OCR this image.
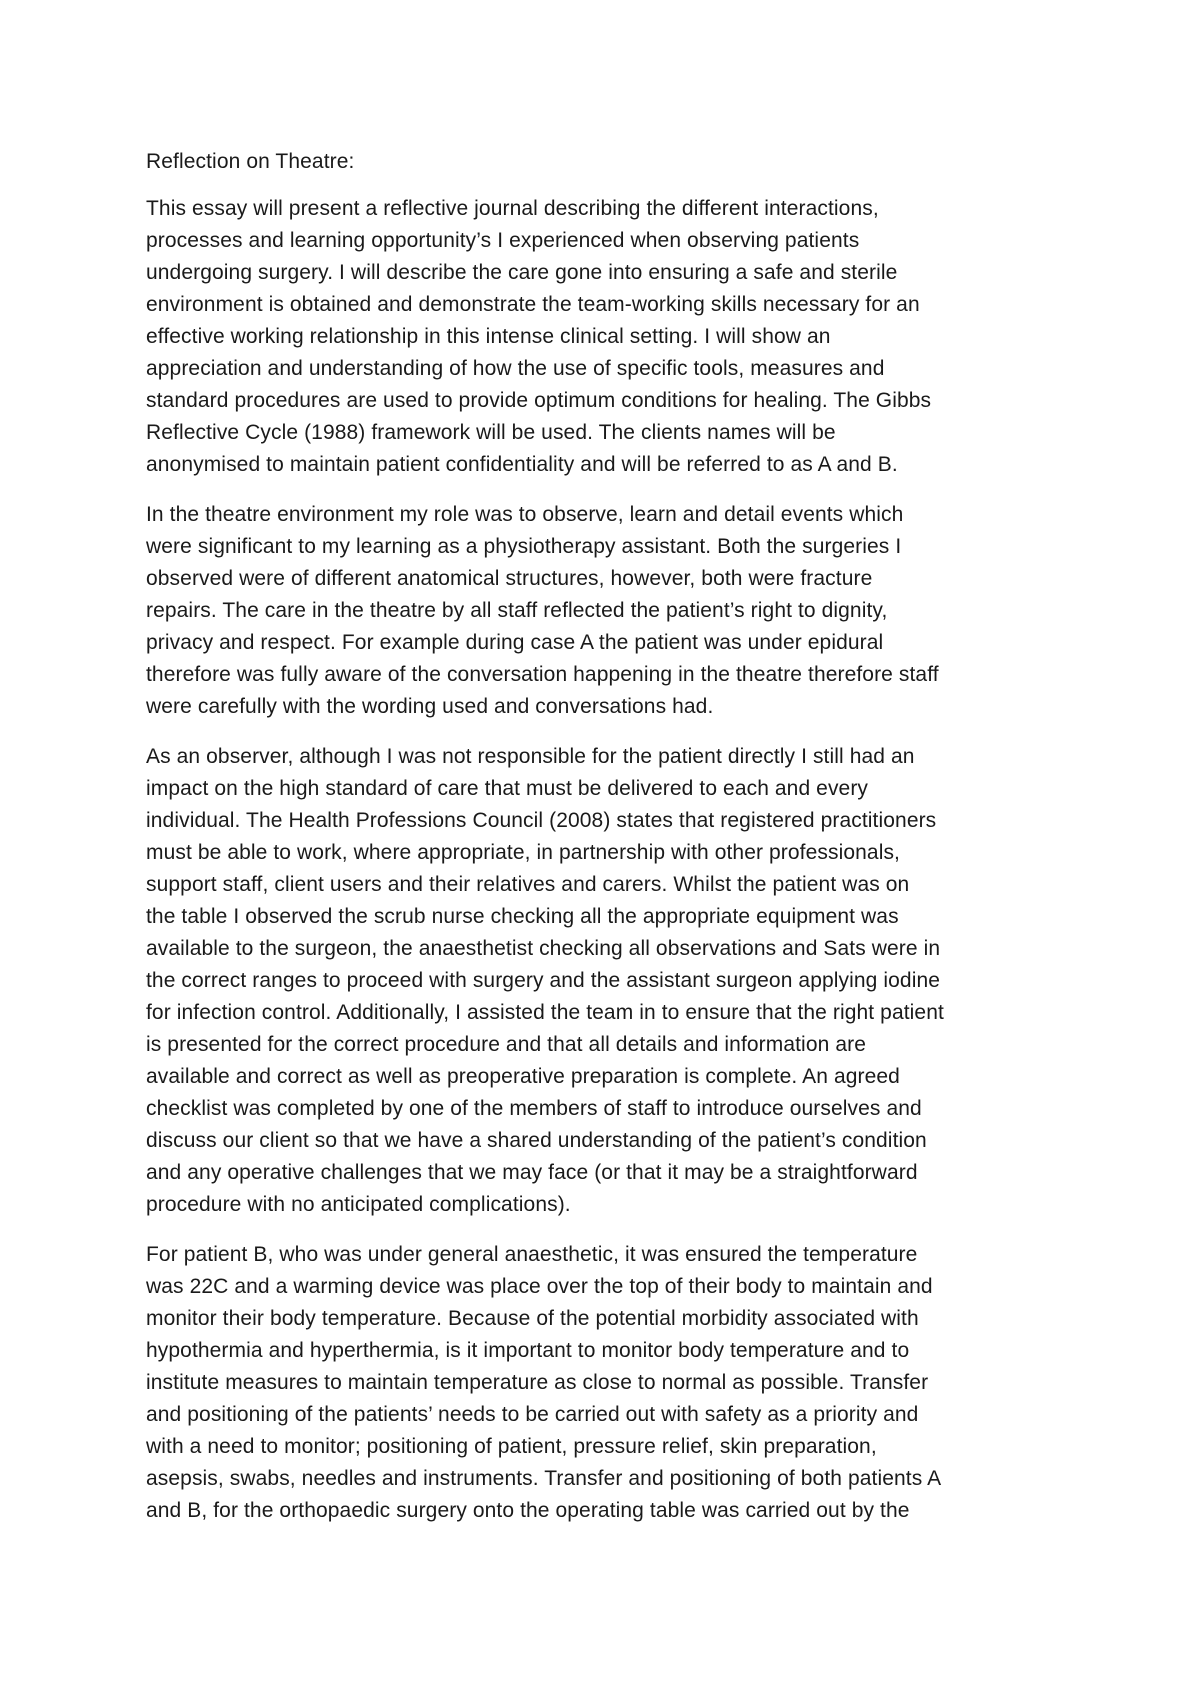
Reflection on Theatre:
This essay will present a reflective journal describing the different interactions,
processes and learning opportunity’s I experienced when observing patients
undergoing surgery. I will describe the care gone into ensuring a safe and sterile
environment is obtained and demonstrate the team-working skills necessary for an
effective working relationship in this intense clinical setting. I will show an
appreciation and understanding of how the use of specific tools, measures and
standard procedures are used to provide optimum conditions for healing. The Gibbs
Reflective Cycle (1988) framework will be used. The clients names will be
anonymised to maintain patient confidentiality and will be referred to as A and B.
In the theatre environment my role was to observe, learn and detail events which
were significant to my learning as a physiotherapy assistant. Both the surgeries I
observed were of different anatomical structures, however, both were fracture
repairs. The care in the theatre by all staff reflected the patient’s right to dignity,
privacy and respect. For example during case A the patient was under epidural
therefore was fully aware of the conversation happening in the theatre therefore staff
were carefully with the wording used and conversations had.
As an observer, although I was not responsible for the patient directly I still had an
impact on the high standard of care that must be delivered to each and every
individual. The Health Professions Council (2008) states that registered practitioners
must be able to work, where appropriate, in partnership with other professionals,
support staff, client users and their relatives and carers. Whilst the patient was on
the table I observed the scrub nurse checking all the appropriate equipment was
available to the surgeon, the anaesthetist checking all observations and Sats were in
the correct ranges to proceed with surgery and the assistant surgeon applying iodine
for infection control. Additionally, I assisted the team in to ensure that the right patient
is presented for the correct procedure and that all details and information are
available and correct as well as preoperative preparation is complete. An agreed
checklist was completed by one of the members of staff to introduce ourselves and
discuss our client so that we have a shared understanding of the patient’s condition
and any operative challenges that we may face (or that it may be a straightforward
procedure with no anticipated complications).
For patient B, who was under general anaesthetic, it was ensured the temperature
was 22C and a warming device was place over the top of their body to maintain and
monitor their body temperature. Because of the potential morbidity associated with
hypothermia and hyperthermia, is it important to monitor body temperature and to
institute measures to maintain temperature as close to normal as possible. Transfer
and positioning of the patients’ needs to be carried out with safety as a priority and
with a need to monitor; positioning of patient, pressure relief, skin preparation,
asepsis, swabs, needles and instruments. Transfer and positioning of both patients A
and B, for the orthopaedic surgery onto the operating table was carried out by the
